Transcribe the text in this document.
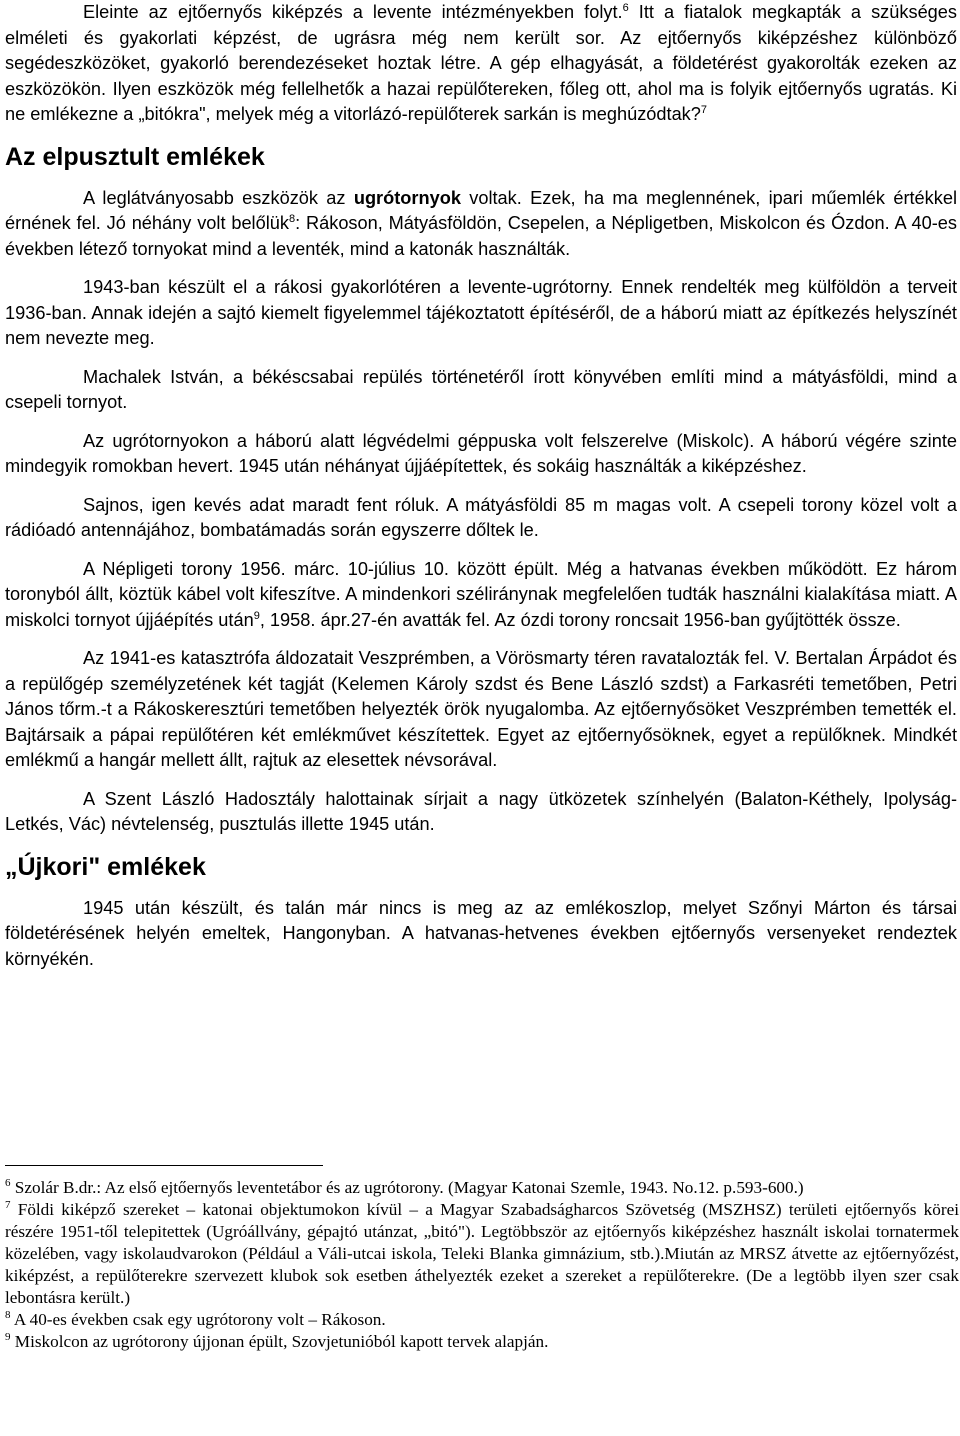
Eleinte az ejtőernyős kiképzés a levente intézményekben folyt.$^6$ Itt a fiatalok megkapták a szükséges elméleti és gyakorlati képzést, de ugrásra még nem került sor. Az ejtőernyős kiképzéshez különböző segédeszközöket, gyakorló berendezéseket hoztak létre. A gép elhagyását, a földetérést gyakorolták ezeken az eszközökön. Ilyen eszközök még fellelhetők a hazai repülőtereken, főleg ott, ahol ma is folyik ejtőernyős ugratás. Ki ne emlékezne a „bitókra", melyek még a vitorlázó-repülőterek sarkán is meghúzódtak?$^7$

Az elpusztult emlékek

A leglátványosabb eszközök az ugrótornyok voltak. Ezek, ha ma meglennének, ipari műemlék értékkel érnének fel. Jó néhány volt belőlük$^8$: Rákoson, Mátyásföldön, Csepelen, a Népligetben, Miskolcon és Ózdon. A 40-es években létező tornyokat mind a leventék, mind a katonák használták.

1943-ban készült el a rákosi gyakorlótéren a levente-ugrótorny. Ennek rendelték meg külföldön a terveit 1936-ban. Annak idején a sajtó kiemelt figyelemmel tájékoztatott építéséről, de a háború miatt az építkezés helyszínét nem nevezte meg.

Machalek István, a békéscsabai repülés történetéről írott könyvében említi mind a mátyásföldi, mind a csepeli tornyot.

Az ugrótornyokon a háború alatt légvédelmi géppuska volt felszerelve (Miskolc). A háború végére szinte mindegyik romokban hevert. 1945 után néhányat újjáépítettek, és sokáig használták a kiképzéshez.

Sajnos, igen kevés adat maradt fent róluk. A mátyásföldi 85 m magas volt. A csepeli torony közel volt a rádióadó antennájához, bombatámadás során egyszerre dőltek le.

A Népligeti torony 1956. márc. 10-július 10. között épült. Még a hatvanas években működött. Ez három toronyból állt, köztük kábel volt kifeszítve. A mindenkori széliránynak megfelelően tudták használni kialakítása miatt. A miskolci tornyot újjáépítés után$^9$, 1958. ápr.27-én avatták fel. Az ózdi torony roncsait 1956-ban gyűjtötték össze.

Az 1941-es katasztrófa áldozatait Veszprémben, a Vörösmarty téren ravatalozták fel. V. Bertalan Árpádot és a repülőgép személyzetének két tagját (Kelemen Károly szdst és Bene László szdst) a Farkasréti temetőben, Petri János tőrm.-t a Rákoskeresztúri temetőben helyezték örök nyugalomba. Az ejtőernyősöket Veszprémben temették el. Bajtársaik a pápai repülőtéren két emlékművet készítettek. Egyet az ejtőernyősöknek, egyet a repülőknek. Mindkét emlékmű a hangár mellett állt, rajtuk az elesettek névsorával.

A Szent László Hadosztály halottainak sírjait a nagy ütközetek színhelyén (Balaton-Kéthely, Ipolyság- Letkés, Vác) névtelenség, pusztulás illette 1945 után.

„Újkori" emlékek

1945 után készült, és talán már nincs is meg az az emlékoszlop, melyet Szőnyi Márton és társai földetérésének helyén emeltek, Hangonyban. A hatvanas-hetvenes években ejtőernyős versenyeket rendeztek környékén.

$^6$ Szolár B.dr.: Az első ejtőernyős leventetábor és az ugrótorony. (Magyar Katonai Szemle, 1943. No.12. p.593-600.)

$^7$ Földi kiképző szereket – katonai objektumokon kívül – a Magyar Szabadságharcos Szövetség (MSZHSZ) területi ejtőernyős körei részére 1951-től telepitettek (Ugróállvány, gépajtó utánzat, „bitó"). Legtöbbször az ejtőernyős kiképzéshez használt iskolai tornatermek közelében, vagy iskolaudvarokon (Például a Váli-utcai iskola, Teleki Blanka gimnázium, stb.).Miután az MRSZ átvette az ejtőernyőzést, kiképzést, a repülőterekre szervezett klubok sok esetben áthelyezték ezeket a szereket a repülőterekre. (De a legtöbb ilyen szer csak lebontásra került.)

$^8$ A 40-es években csak egy ugrótorony volt – Rákoson.

$^9$ Miskolcon az ugrótorony újjonan épült, Szovjetunióból kapott tervek alapján.
